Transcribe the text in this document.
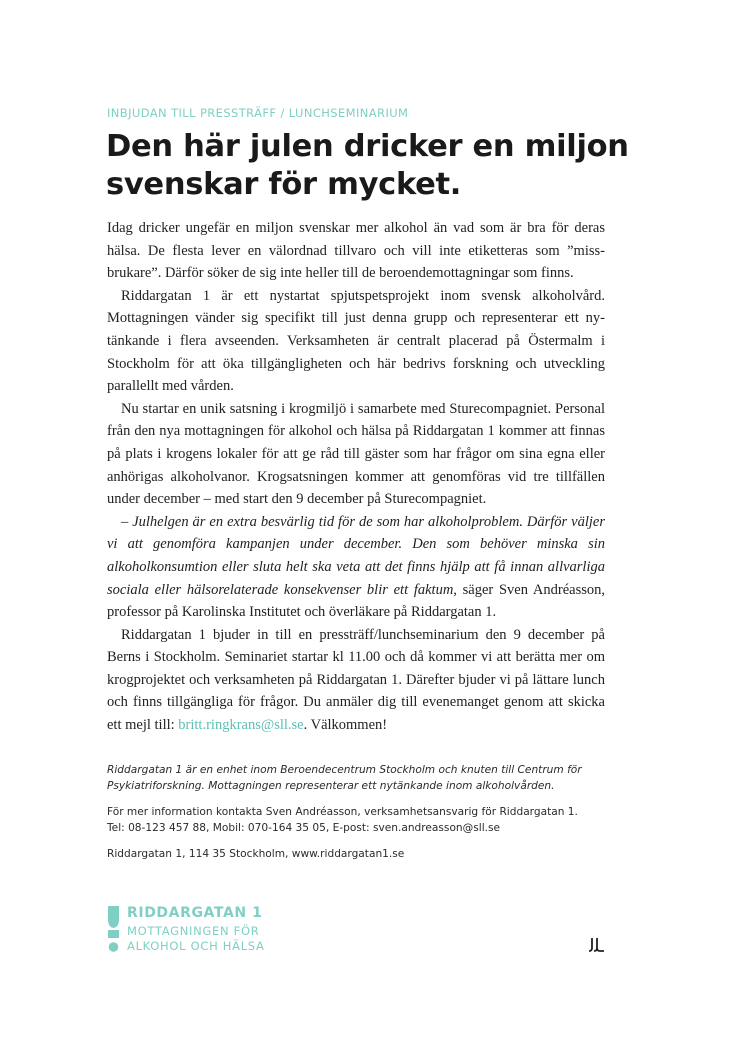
INBJUDAN TILL PRESSTRÄFF / LUNCHSEMINARIUM
Den här julen dricker en miljon svenskar för mycket.

Idag dricker ungefär en miljon svenskar mer alkohol än vad som är bra för deras hälsa. De flesta lever en välordnad tillvaro och vill inte etiketteras som ”missbrukare”. Därför söker de sig inte heller till de beroendemottagningar som finns.

Riddargatan 1 är ett nystartat spjutspetsprojekt inom svensk alkoholvård. Mottagningen vänder sig specifikt till just denna grupp och representerar ett nytänkande i flera avseenden. Verksamheten är centralt placerad på Östermalm i Stockholm för att öka tillgängligheten och här bedrivs forskning och utveckling parallellt med vården.

Nu startar en unik satsning i krogmiljö i samarbete med Sturecompagniet. Personal från den nya mottagningen för alkohol och hälsa på Riddargatan 1 kommer att finnas på plats i krogens lokaler för att ge råd till gäster som har frågor om sina egna eller anhörigas alkoholvanor. Krogsatsningen kommer att genomföras vid tre tillfällen under december – med start den 9 december på Sturecompagniet.

– Julhelgen är en extra besvärlig tid för de som har alkoholproblem. Därför väljer vi att genomföra kampanjen under december. Den som behöver minska sin alkoholkonsumtion eller sluta helt ska veta att det finns hjälp att få innan allvarliga sociala eller hälsorelaterade konsekvenser blir ett faktum, säger Sven Andréasson, professor på Karolinska Institutet och överläkare på Riddargatan 1.

Riddargatan 1 bjuder in till en pressträff/lunchseminarium den 9 december på Berns i Stockholm. Seminariet startar kl 11.00 och då kommer vi att berätta mer om krogprojektet och verksamheten på Riddargatan 1. Därefter bjuder vi på lättare lunch och finns tillgängliga för frågor. Du anmäler dig till evenemanget genom att skicka ett mejl till: britt.ringkrans@sll.se. Välkommen!

Riddargatan 1 är en enhet inom Beroendecentrum Stockholm och knuten till Centrum för Psykiatriforskning. Mottagningen representerar ett nytänkande inom alkoholvården.

För mer information kontakta Sven Andréasson, verksamhetsansvarig för Riddargatan 1.
Tel: 08-123 457 88, Mobil: 070-164 35 05, E-post: sven.andreasson@sll.se

Riddargatan 1, 114 35 Stockholm, www.riddargatan1.se

RIDDARGATAN 1
MOTTAGNINGEN FÖR
ALKOHOL OCH HÄLSA
